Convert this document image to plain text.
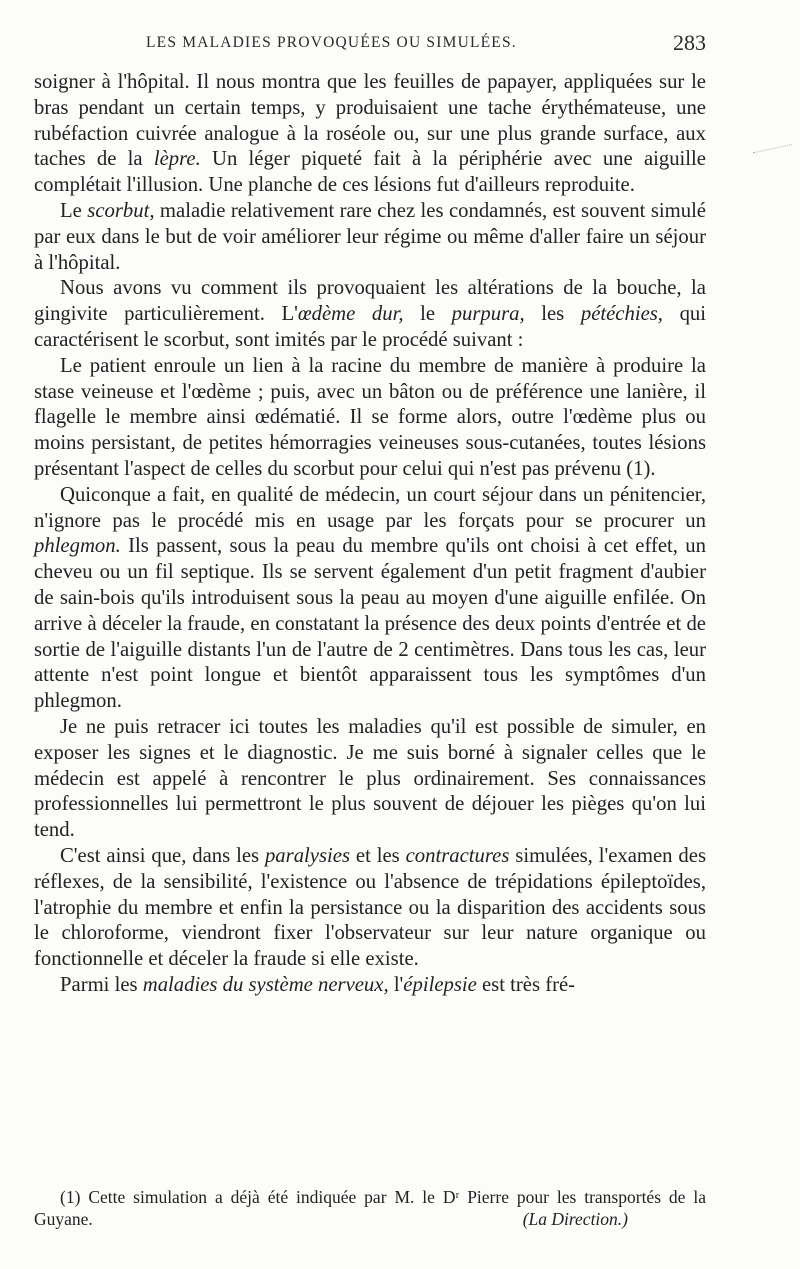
LES MALADIES PROVOQUÉES OU SIMULÉES.	283

soigner à l'hôpital. Il nous montra que les feuilles de papayer, appliquées sur le bras pendant un certain temps, y produisaient une tache érythémateuse, une rubéfaction cuivrée analogue à la roséole ou, sur une plus grande surface, aux taches de la lèpre. Un léger piqueté fait à la périphérie avec une aiguille complétait l'illusion. Une planche de ces lésions fut d'ailleurs reproduite.

Le scorbut, maladie relativement rare chez les condamnés, est souvent simulé par eux dans le but de voir améliorer leur régime ou même d'aller faire un séjour à l'hôpital.

Nous avons vu comment ils provoquaient les altérations de la bouche, la gingivite particulièrement. L'œdème dur, le purpura, les pétéchies, qui caractérisent le scorbut, sont imités par le procédé suivant :

Le patient enroule un lien à la racine du membre de manière à produire la stase veineuse et l'œdème ; puis, avec un bâton ou de préférence une lanière, il flagelle le membre ainsi œdématié. Il se forme alors, outre l'œdème plus ou moins persistant, de petites hémorragies veineuses sous-cutanées, toutes lésions présentant l'aspect de celles du scorbut pour celui qui n'est pas prévenu (1).

Quiconque a fait, en qualité de médecin, un court séjour dans un pénitencier, n'ignore pas le procédé mis en usage par les forçats pour se procurer un phlegmon. Ils passent, sous la peau du membre qu'ils ont choisi à cet effet, un cheveu ou un fil septique. Ils se servent également d'un petit fragment d'aubier de sain-bois qu'ils introduisent sous la peau au moyen d'une aiguille enfilée. On arrive à déceler la fraude, en constatant la présence des deux points d'entrée et de sortie de l'aiguille distants l'un de l'autre de 2 centimètres. Dans tous les cas, leur attente n'est point longue et bientôt apparaissent tous les symptômes d'un phlegmon.

Je ne puis retracer ici toutes les maladies qu'il est possible de simuler, en exposer les signes et le diagnostic. Je me suis borné à signaler celles que le médecin est appelé à rencontrer le plus ordinairement. Ses connaissances professionnelles lui permettront le plus souvent de déjouer les pièges qu'on lui tend.

C'est ainsi que, dans les paralysies et les contractures simulées, l'examen des réflexes, de la sensibilité, l'existence ou l'absence de trépidations épileptoïdes, l'atrophie du membre et enfin la persistance ou la disparition des accidents sous le chloroforme, viendront fixer l'observateur sur leur nature organique ou fonctionnelle et déceler la fraude si elle existe.

Parmi les maladies du système nerveux, l'épilepsie est très fré-

(1) Cette simulation a déjà été indiquée par M. le Dʳ Pierre pour les transportés de la Guyane.	(La Direction.)
